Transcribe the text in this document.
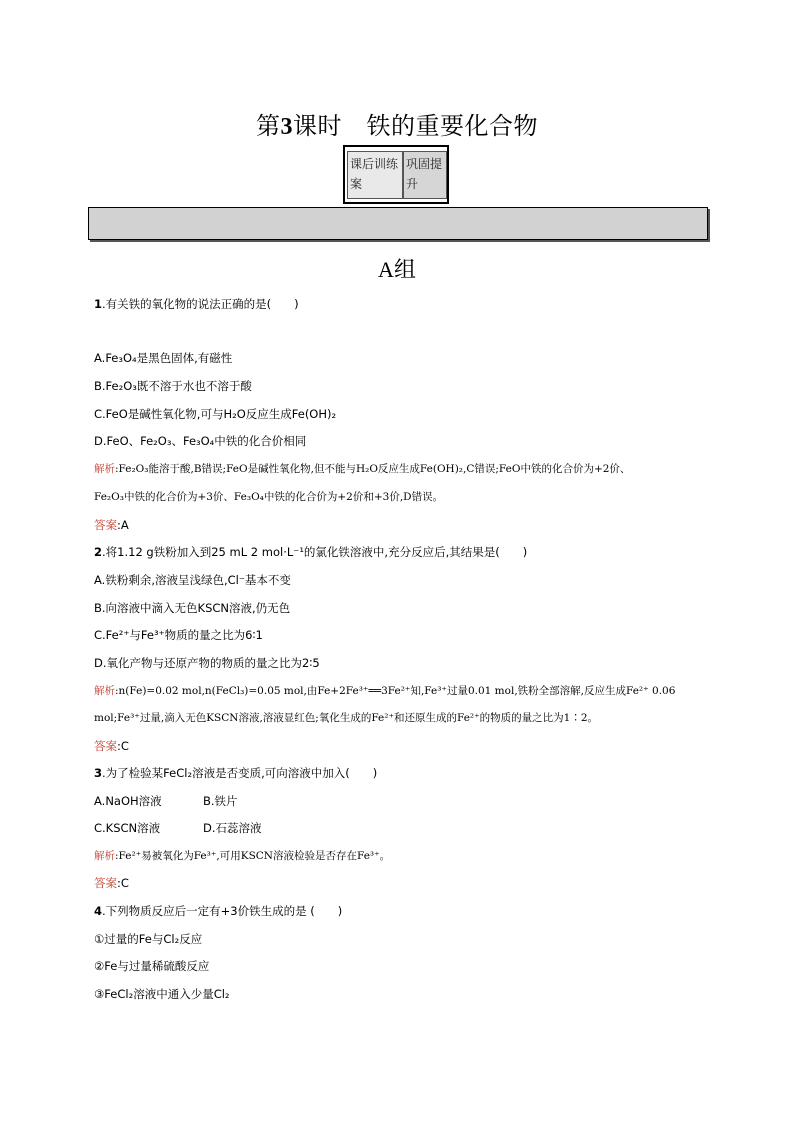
第3课时　铁的重要化合物
课后训练案
巩固提升
A组
1.有关铁的氧化物的说法正确的是(　　)
A.Fe₃O₄是黑色固体,有磁性
B.Fe₂O₃既不溶于水也不溶于酸
C.FeO是碱性氧化物,可与H₂O反应生成Fe(OH)₂
D.FeO、Fe₂O₃、Fe₃O₄中铁的化合价相同
解析:Fe₂O₃能溶于酸,B错误;FeO是碱性氧化物,但不能与H₂O反应生成Fe(OH)₂,C错误;FeO中铁的化合价为+2价、
Fe₂O₃中铁的化合价为+3价、Fe₃O₄中铁的化合价为+2价和+3价,D错误。
答案:A
2.将1.12 g铁粉加入到25 mL 2 mol·L⁻¹的氯化铁溶液中,充分反应后,其结果是(　　)
A.铁粉剩余,溶液呈浅绿色,Cl⁻基本不变
B.向溶液中滴入无色KSCN溶液,仍无色
C.Fe²⁺与Fe³⁺物质的量之比为6∶1
D.氧化产物与还原产物的物质的量之比为2∶5
解析:n(Fe)=0.02 mol,n(FeCl₃)=0.05 mol,由Fe+2Fe³⁺══3Fe²⁺知,Fe³⁺过量0.01 mol,铁粉全部溶解,反应生成Fe²⁺ 0.06
mol;Fe³⁺过量,滴入无色KSCN溶液,溶液显红色;氧化生成的Fe²⁺和还原生成的Fe²⁺的物质的量之比为1∶2。
答案:C
3.为了检验某FeCl₂溶液是否变质,可向溶液中加入(　　)
A.NaOH溶液	B.铁片
C.KSCN溶液	D.石蕊溶液
解析:Fe²⁺易被氧化为Fe³⁺,可用KSCN溶液检验是否存在Fe³⁺。
答案:C
4.下列物质反应后一定有+3价铁生成的是 (　　)
①过量的Fe与Cl₂反应
②Fe与过量稀硫酸反应
③FeCl₂溶液中通入少量Cl₂
